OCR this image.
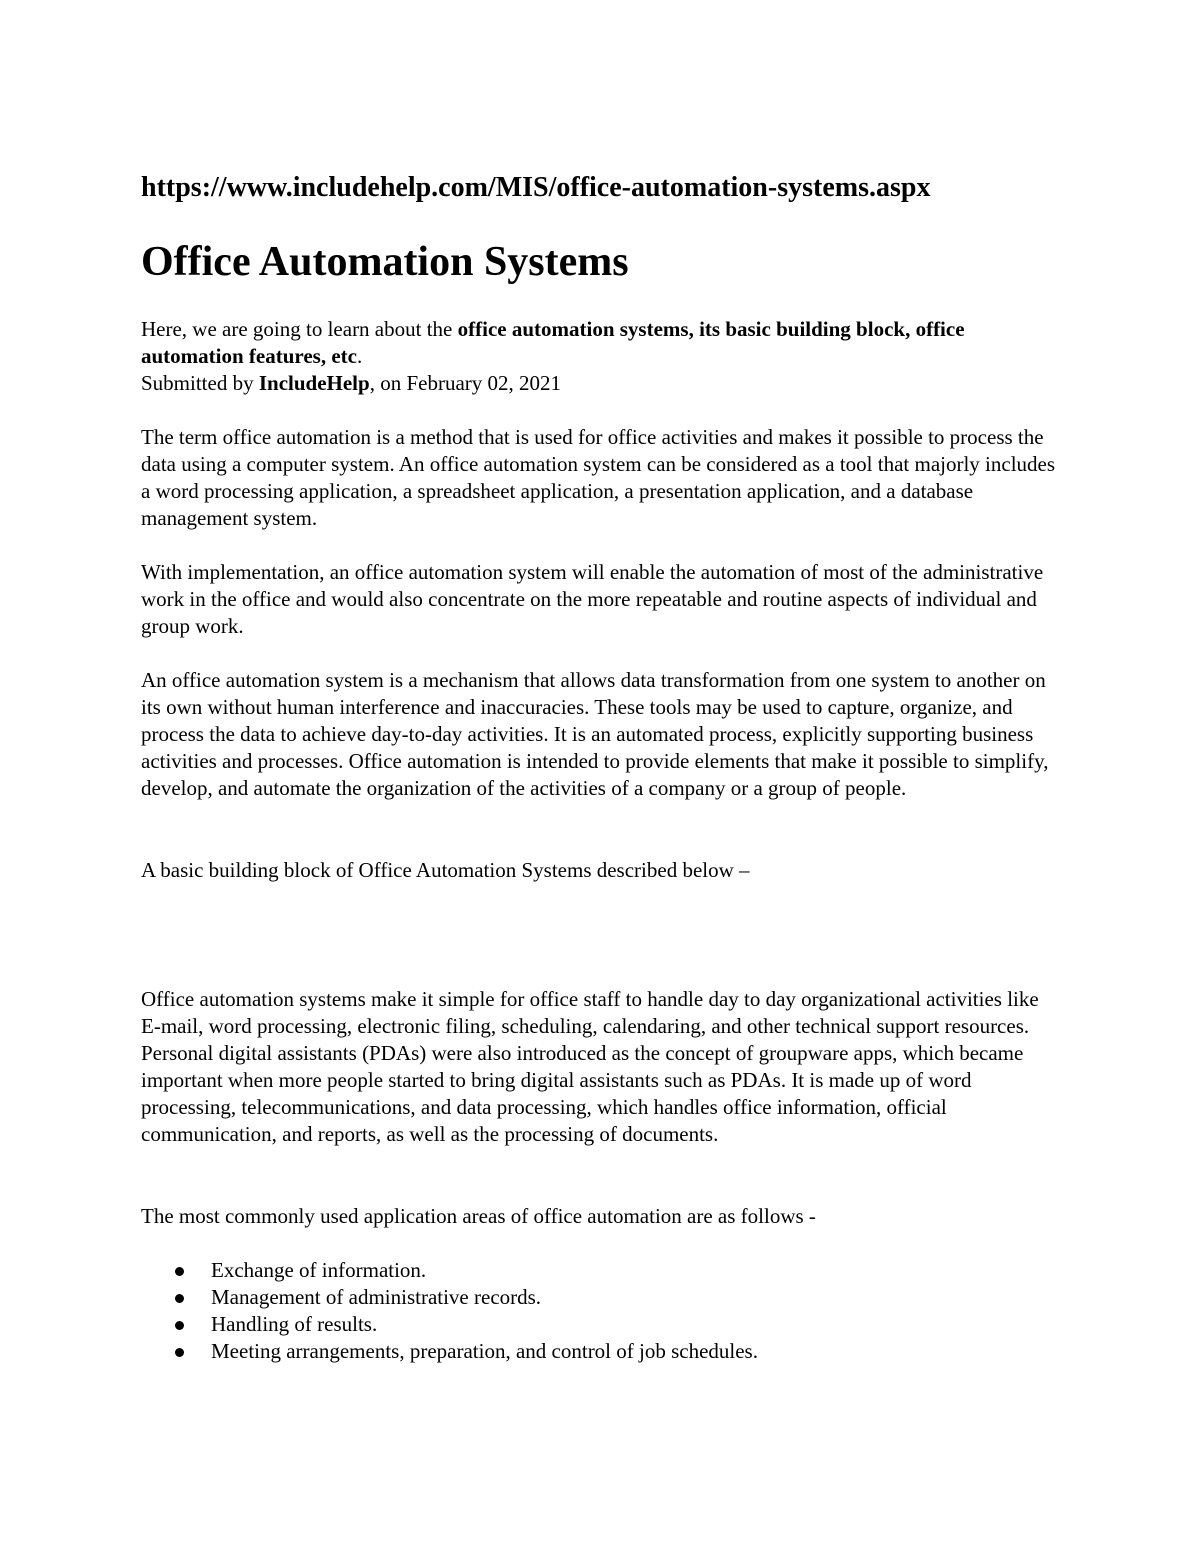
https://www.includehelp.com/MIS/office-automation-systems.aspx

Office Automation Systems
Here, we are going to learn about the office automation systems, its basic building block, office automation features, etc.
Submitted by IncludeHelp, on February 02, 2021

The term office automation is a method that is used for office activities and makes it possible to process the data using a computer system. An office automation system can be considered as a tool that majorly includes a word processing application, a spreadsheet application, a presentation application, and a database management system.

With implementation, an office automation system will enable the automation of most of the administrative work in the office and would also concentrate on the more repeatable and routine aspects of individual and group work.

An office automation system is a mechanism that allows data transformation from one system to another on its own without human interference and inaccuracies. These tools may be used to capture, organize, and process the data to achieve day-to-day activities. It is an automated process, explicitly supporting business activities and processes. Office automation is intended to provide elements that make it possible to simplify, develop, and automate the organization of the activities of a company or a group of people.

A basic building block of Office Automation Systems described below –

Office automation systems make it simple for office staff to handle day to day organizational activities like E-mail, word processing, electronic filing, scheduling, calendaring, and other technical support resources. Personal digital assistants (PDAs) were also introduced as the concept of groupware apps, which became important when more people started to bring digital assistants such as PDAs. It is made up of word processing, telecommunications, and data processing, which handles office information, official communication, and reports, as well as the processing of documents.

The most commonly used application areas of office automation are as follows -

Exchange of information.
Management of administrative records.
Handling of results.
Meeting arrangements, preparation, and control of job schedules.
